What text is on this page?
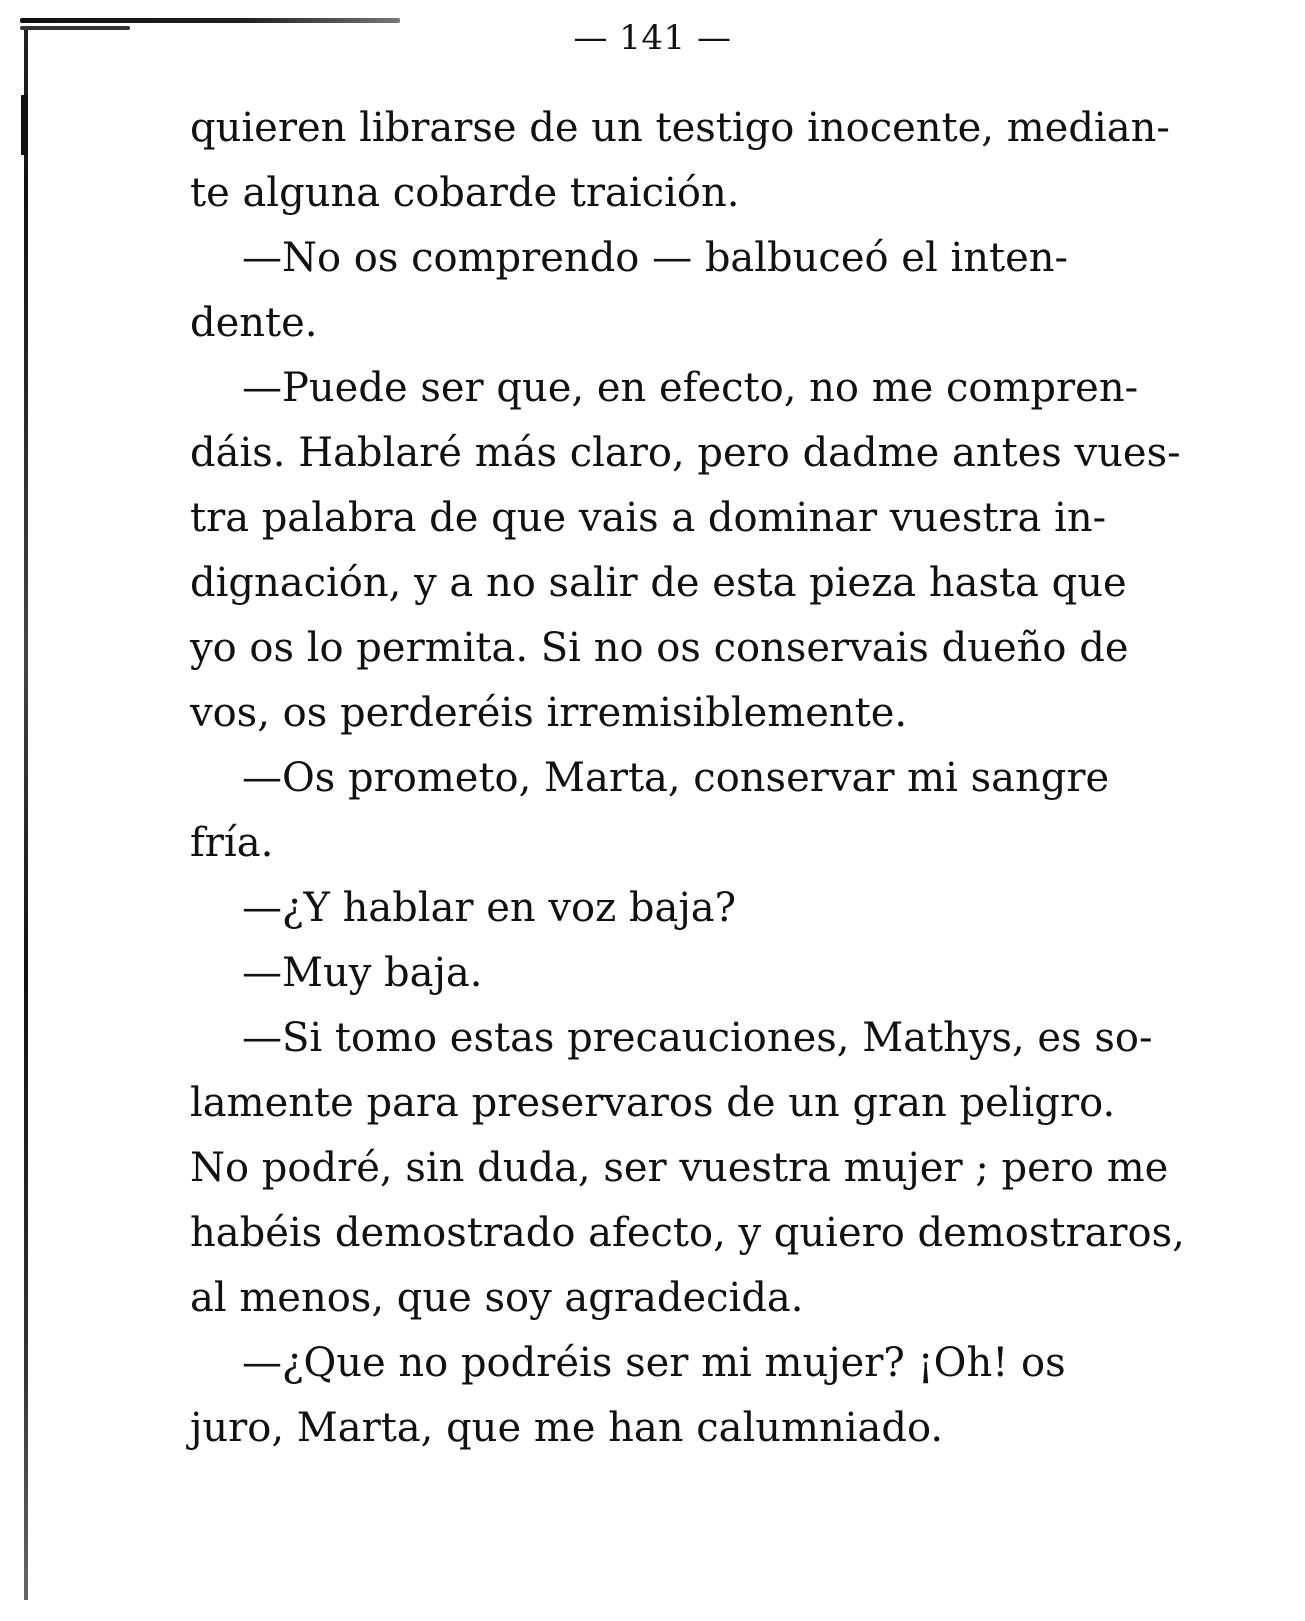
— 141 —
quieren librarse de un testigo inocente, median-
te alguna cobarde traición.
—No os comprendo — balbuceó el inten-
dente.
—Puede ser que, en efecto, no me compren-
dáis. Hablaré más claro, pero dadme antes vues-
tra palabra de que vais a dominar vuestra in-
dignación, y a no salir de esta pieza hasta que
yo os lo permita. Si no os conservais dueño de
vos, os perderéis irremisiblemente.
—Os prometo, Marta, conservar mi sangre
fría.
—¿Y hablar en voz baja?
—Muy baja.
—Si tomo estas precauciones, Mathys, es so-
lamente para preservaros de un gran peligro.
No podré, sin duda, ser vuestra mujer ; pero me
habéis demostrado afecto, y quiero demostraros,
al menos, que soy agradecida.
—¿Que no podréis ser mi mujer? ¡Oh! os
juro, Marta, que me han calumniado.
